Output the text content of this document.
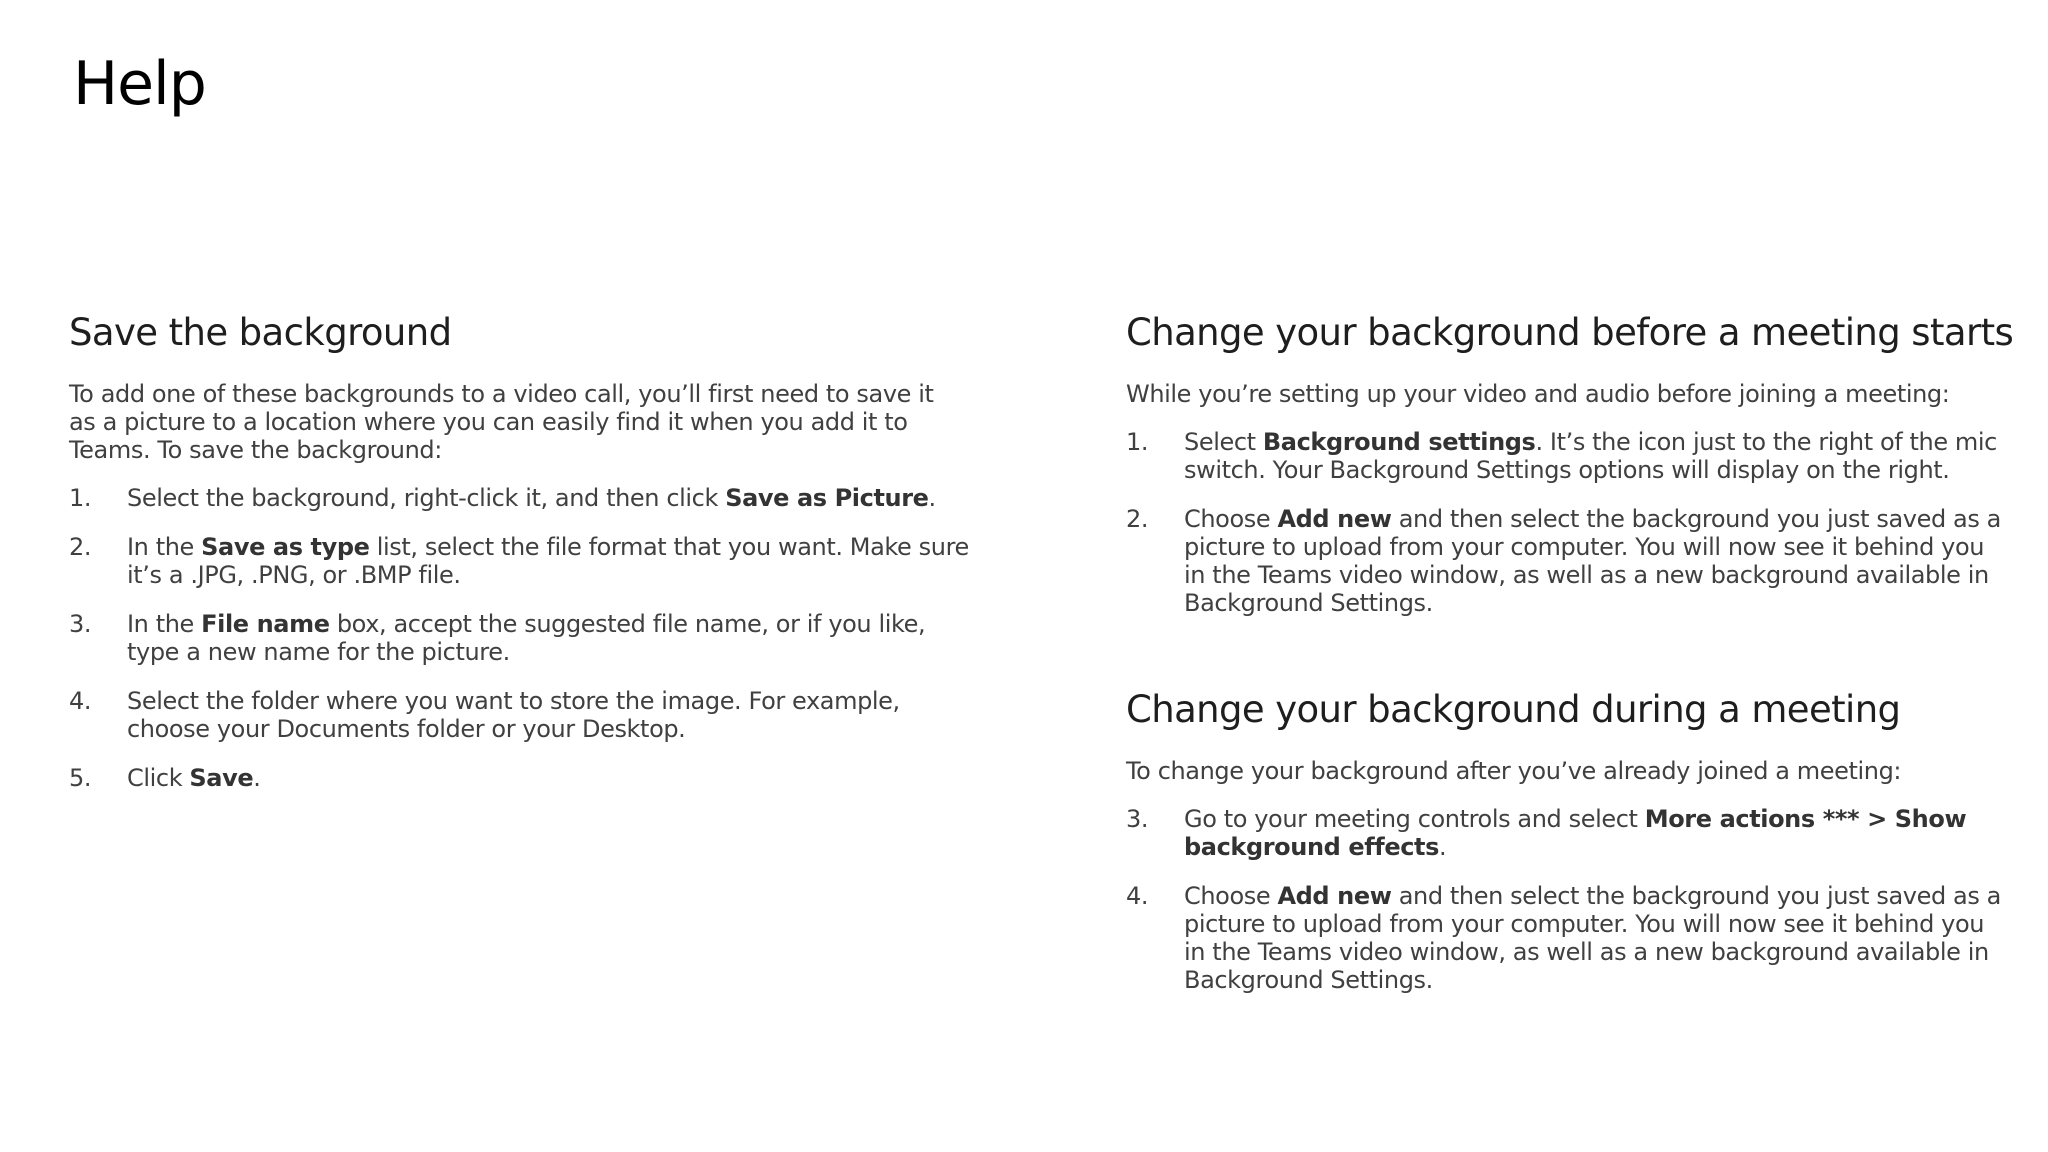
Help
Save the background

To add one of these backgrounds to a video call, you’ll first need to save it
as a picture to a location where you can easily find it when you add it to
Teams. To save the background:

1.	Select the background, right-click it, and then click Save as Picture.
2.	In the Save as type list, select the file format that you want. Make sure
it’s a .JPG, .PNG, or .BMP file.
3.	In the File name box, accept the suggested file name, or if you like,
type a new name for the picture.
4.	Select the folder where you want to store the image. For example,
choose your Documents folder or your Desktop.
5.	Click Save.
Change your background before a meeting starts

While you’re setting up your video and audio before joining a meeting:

1.	Select Background settings. It’s the icon just to the right of the mic
switch. Your Background Settings options will display on the right.
2.	Choose Add new and then select the background you just saved as a
picture to upload from your computer. You will now see it behind you
in the Teams video window, as well as a new background available in
Background Settings.
Change your background during a meeting

To change your background after you’ve already joined a meeting:

3.	Go to your meeting controls and select More actions *** > Show
background effects.
4.	Choose Add new and then select the background you just saved as a
picture to upload from your computer. You will now see it behind you
in the Teams video window, as well as a new background available in
Background Settings.
